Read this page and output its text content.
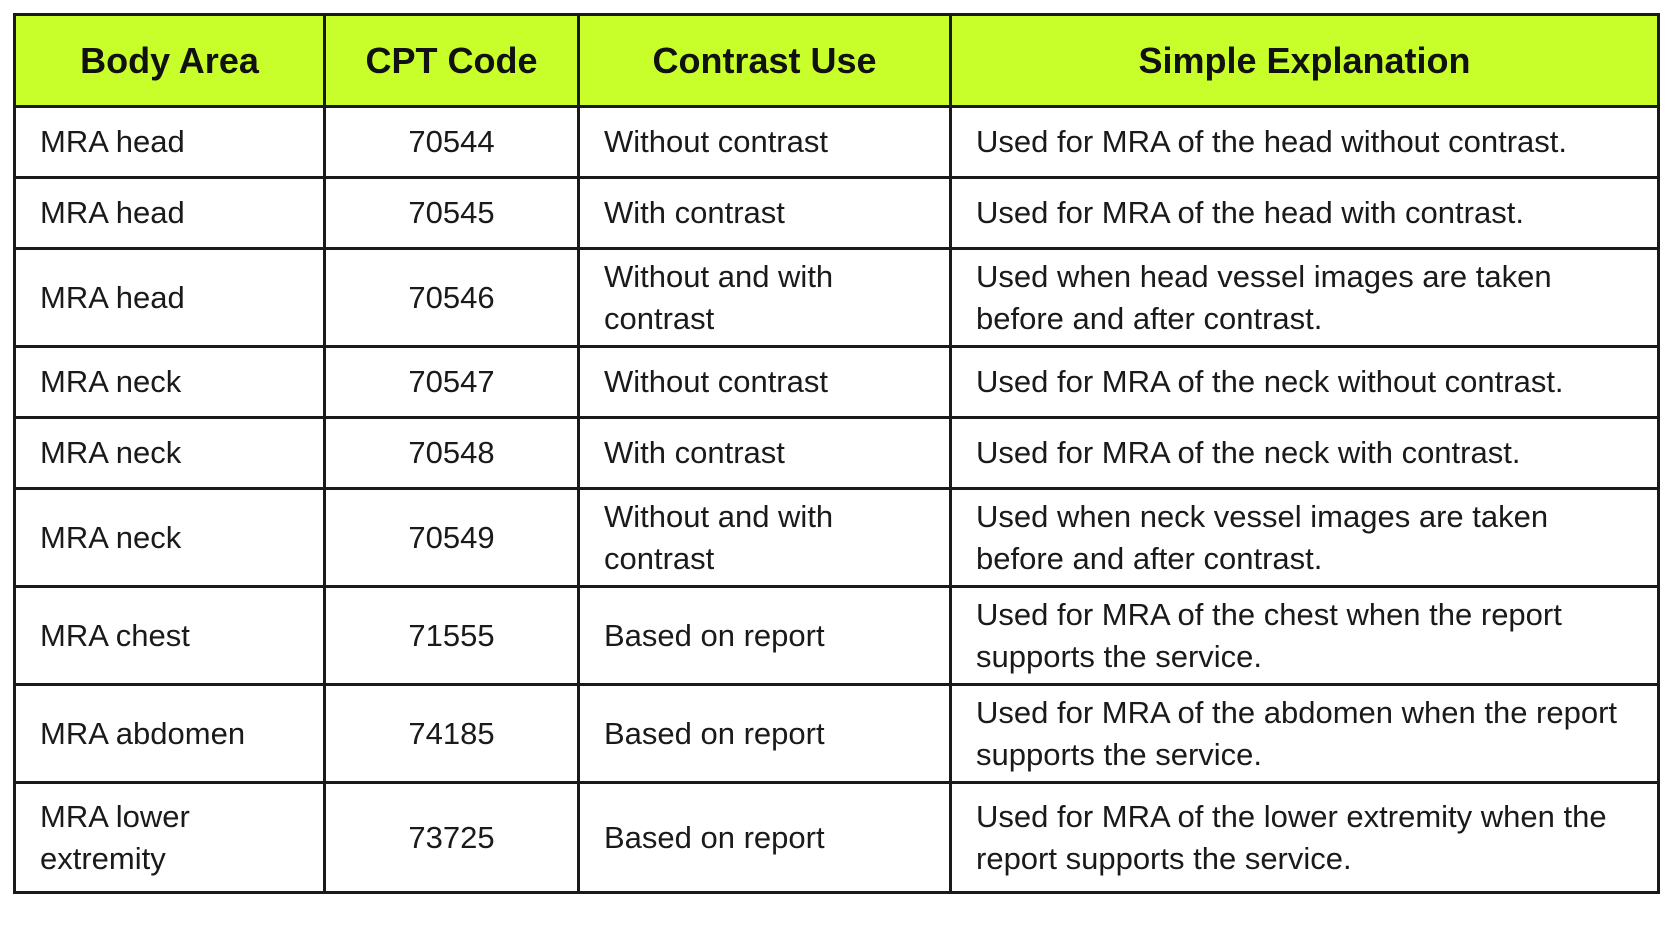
Body Area	CPT Code	Contrast Use	Simple Explanation
MRA head	70544	Without contrast	Used for MRA of the head without contrast.
MRA head	70545	With contrast	Used for MRA of the head with contrast.
MRA head	70546	Without and with contrast	Used when head vessel images are taken before and after contrast.
MRA neck	70547	Without contrast	Used for MRA of the neck without contrast.
MRA neck	70548	With contrast	Used for MRA of the neck with contrast.
MRA neck	70549	Without and with contrast	Used when neck vessel images are taken before and after contrast.
MRA chest	71555	Based on report	Used for MRA of the chest when the report supports the service.
MRA abdomen	74185	Based on report	Used for MRA of the abdomen when the report supports the service.
MRA lower extremity	73725	Based on report	Used for MRA of the lower extremity when the report supports the service.
